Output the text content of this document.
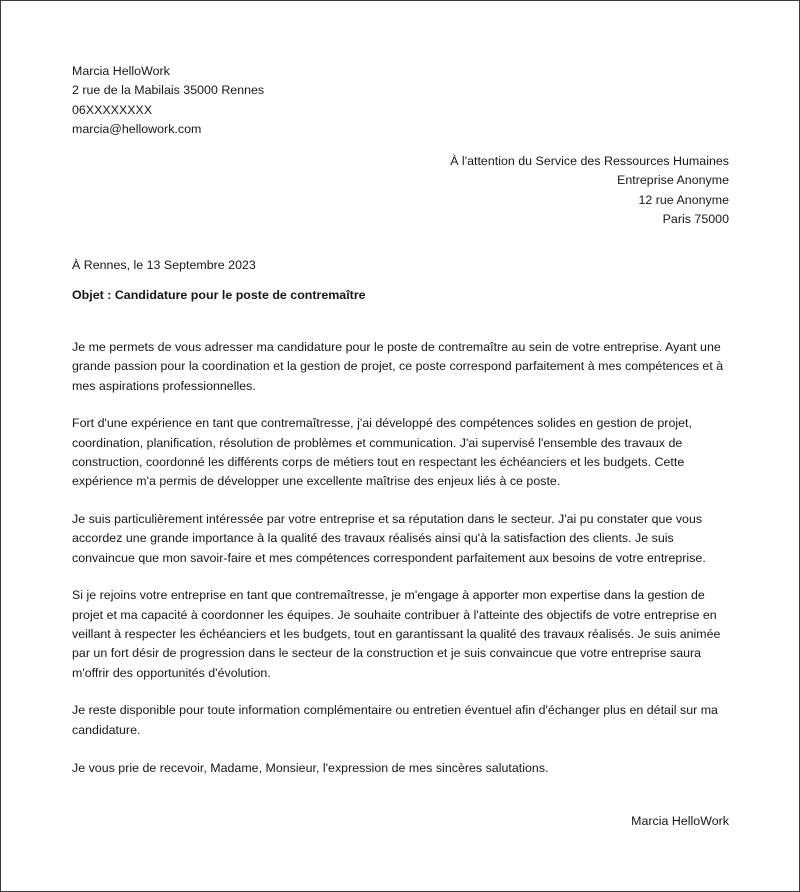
Marcia HelloWork
2 rue de la Mabilais 35000 Rennes
06XXXXXXXX
marcia@hellowork.com
À l'attention du Service des Ressources Humaines
Entreprise Anonyme
12 rue Anonyme
Paris 75000
À Rennes, le 13 Septembre 2023
Objet : Candidature pour le poste de contremaître

Je me permets de vous adresser ma candidature pour le poste de contremaître au sein de votre entreprise. Ayant une grande passion pour la coordination et la gestion de projet, ce poste correspond parfaitement à mes compétences et à mes aspirations professionnelles.

Fort d'une expérience en tant que contremaîtresse, j'ai développé des compétences solides en gestion de projet, coordination, planification, résolution de problèmes et communication. J'ai supervisé l'ensemble des travaux de construction, coordonné les différents corps de métiers tout en respectant les échéanciers et les budgets. Cette expérience m'a permis de développer une excellente maîtrise des enjeux liés à ce poste.

Je suis particulièrement intéressée par votre entreprise et sa réputation dans le secteur. J'ai pu constater que vous accordez une grande importance à la qualité des travaux réalisés ainsi qu'à la satisfaction des clients. Je suis convaincue que mon savoir-faire et mes compétences correspondent parfaitement aux besoins de votre entreprise.

Si je rejoins votre entreprise en tant que contremaîtresse, je m'engage à apporter mon expertise dans la gestion de projet et ma capacité à coordonner les équipes. Je souhaite contribuer à l'atteinte des objectifs de votre entreprise en veillant à respecter les échéanciers et les budgets, tout en garantissant la qualité des travaux réalisés. Je suis animée par un fort désir de progression dans le secteur de la construction et je suis convaincue que votre entreprise saura m'offrir des opportunités d'évolution.

Je reste disponible pour toute information complémentaire ou entretien éventuel afin d'échanger plus en détail sur ma candidature.

Je vous prie de recevoir, Madame, Monsieur, l'expression de mes sincères salutations.

Marcia HelloWork
